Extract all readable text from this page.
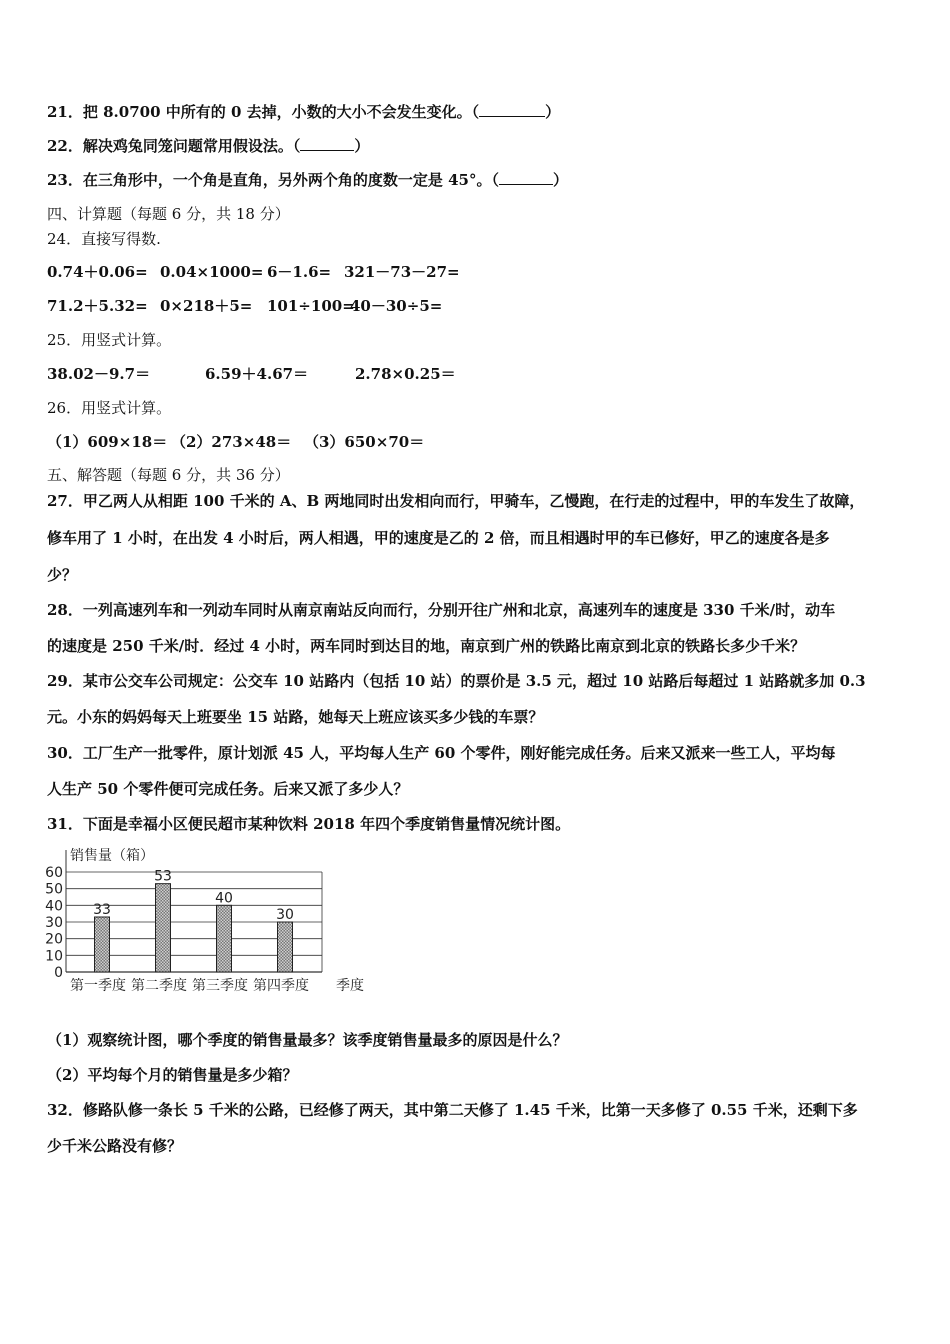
21．把 8.0700 中所有的 0 去掉，小数的大小不会发生变化。（	）
22．解决鸡兔同笼问题常用假设法。（	）
23．在三角形中，一个角是直角，另外两个角的度数一定是 45°。（	）
四、计算题（每题 6 分，共 18 分）
24．直接写得数.
0.74＋0.06= 0.04×1000= 6－1.6= 321－73－27=
71.2＋5.32= 0×218＋5= 101÷100=40－30÷5=
25．用竖式计算。
38.02－9.7＝	6.59＋4.67＝	2.78×0.25＝
26．用竖式计算。
（1）609×18＝ （2）273×48＝ （3）650×70＝
五、解答题（每题 6 分，共 36 分）
27．甲乙两人从相距 100 千米的 A、B 两地同时出发相向而行，甲骑车，乙慢跑，在行走的过程中，甲的车发生了故障，
修车用了 1 小时，在出发 4 小时后，两人相遇，甲的速度是乙的 2 倍，而且相遇时甲的车已修好，甲乙的速度各是多
少？
28．一列高速列车和一列动车同时从南京南站反向而行，分别开往广州和北京，高速列车的速度是 330 千米/时，动车
的速度是 250 千米/时．经过 4 小时，两车同时到达目的地，南京到广州的铁路比南京到北京的铁路长多少千米？
29．某市公交车公司规定：公交车 10 站路内（包括 10 站）的票价是 3.5 元，超过 10 站路后每超过 1 站路就多加 0.3
元。小东的妈妈每天上班要坐 15 站路，她每天上班应该买多少钱的车票？
30．工厂生产一批零件，原计划派 45 人，平均每人生产 60 个零件，刚好能完成任务。后来又派来一些工人，平均每
人生产 50 个零件便可完成任务。后来又派了多少人？
31．下面是幸福小区便民超市某种饮料 2018 年四个季度销售量情况统计图。
0
10
20
30
40
50
60
销售量（箱）
33
第一季度
53
第二季度
40
第三季度
30
第四季度 季度
（1）观察统计图，哪个季度的销售量最多？该季度销售量最多的原因是什么？
（2）平均每个月的销售量是多少箱？
32．修路队修一条长 5 千米的公路，已经修了两天，其中第二天修了 1.45 千米，比第一天多修了 0.55 千米，还剩下多
少千米公路没有修？
